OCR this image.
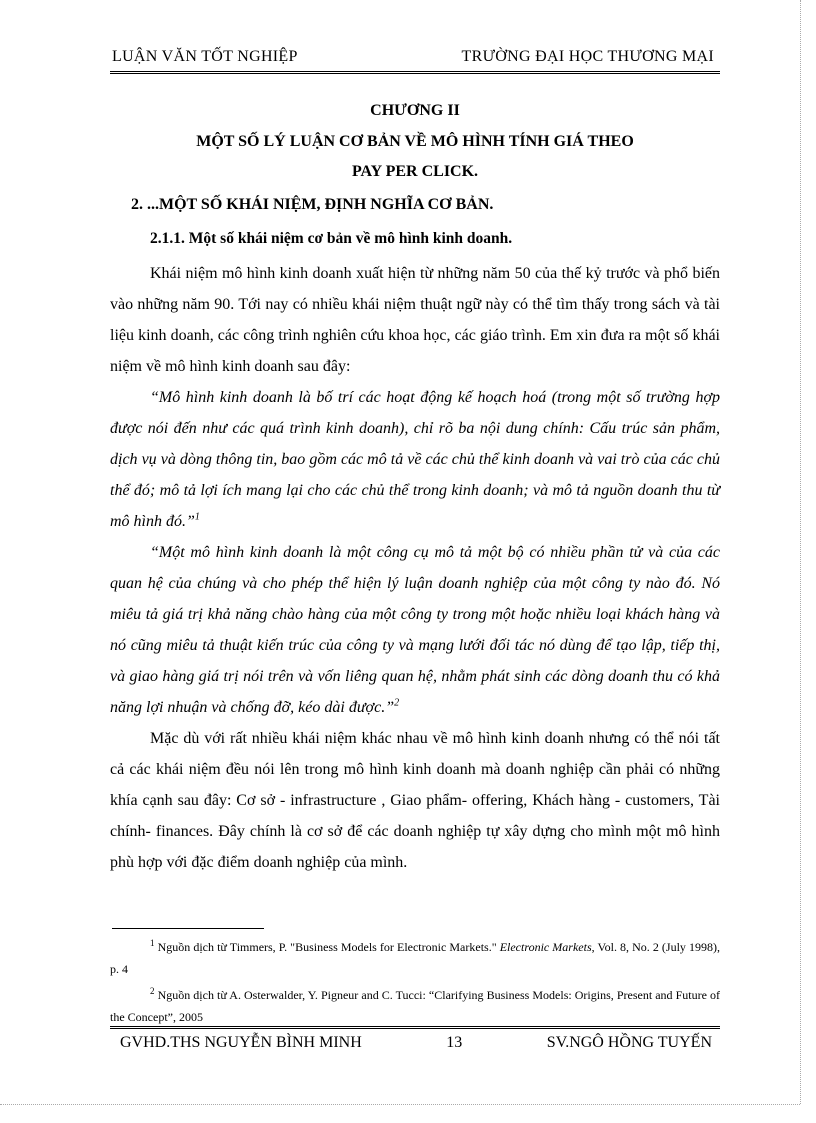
LUẬN VĂN TỐT NGHIỆP	TRƯỜNG ĐẠI HỌC THƯƠNG MẠI
CHƯƠNG II
MỘT SỐ LÝ LUẬN CƠ BẢN VỀ MÔ HÌNH TÍNH GIÁ THEO
PAY PER CLICK.
2. ...MỘT SỐ KHÁI NIỆM, ĐỊNH NGHĨA CƠ BẢN.
2.1.1. Một số khái niệm cơ bản về mô hình kinh doanh.

Khái niệm mô hình kinh doanh xuất hiện từ những năm 50 của thế kỷ trước và phổ biến vào những năm 90. Tới nay có nhiều khái niệm thuật ngữ này có thể tìm thấy trong sách và tài liệu kinh doanh, các công trình nghiên cứu khoa học, các giáo trình. Em xin đưa ra một số khái niệm về mô hình kinh doanh sau đây:

“Mô hình kinh doanh là bố trí các hoạt động kế hoạch hoá (trong một số trường hợp được nói đến như các quá trình kinh doanh), chỉ rõ ba nội dung chính: Cấu trúc sản phẩm, dịch vụ và dòng thông tin, bao gồm các mô tả về các chủ thể kinh doanh và vai trò của các chủ thể đó; mô tả lợi ích mang lại cho các chủ thể trong kinh doanh; và mô tả nguồn doanh thu từ mô hình đó.”$^1$

“Một mô hình kinh doanh là một công cụ mô tả một bộ có nhiều phần tử và của các quan hệ của chúng và cho phép thể hiện lý luận doanh nghiệp của một công ty nào đó. Nó miêu tả giá trị khả năng chào hàng của một công ty trong một hoặc nhiều loại khách hàng và nó cũng miêu tả thuật kiến trúc của công ty và mạng lưới đối tác nó dùng để tạo lập, tiếp thị, và giao hàng giá trị nói trên và vốn liêng quan hệ, nhằm phát sinh các dòng doanh thu có khả năng lợi nhuận và chống đỡ, kéo dài được.”$^2$

Mặc dù với rất nhiều khái niệm khác nhau về mô hình kinh doanh nhưng có thể nói tất cả các khái niệm đều nói lên trong mô hình kinh doanh mà doanh nghiệp cần phải có những khía cạnh sau đây: Cơ sở - infrastructure , Giao phẩm- offering, Khách hàng - customers, Tài chính- finances. Đây chính là cơ sở để các doanh nghiệp tự xây dựng cho mình một mô hình phù hợp với đặc điểm doanh nghiệp của mình.

$^1$ Nguồn dịch từ Timmers, P. "Business Models for Electronic Markets." Electronic Markets, Vol. 8, No. 2 (July 1998), p. 4

$^2$ Nguồn dịch từ A. Osterwalder, Y. Pigneur and C. Tucci: “Clarifying Business Models: Origins, Present and Future of the Concept”, 2005

GVHD.THS NGUYỄN BÌNH MINH	13	SV.NGÔ HỒNG TUYẾN
